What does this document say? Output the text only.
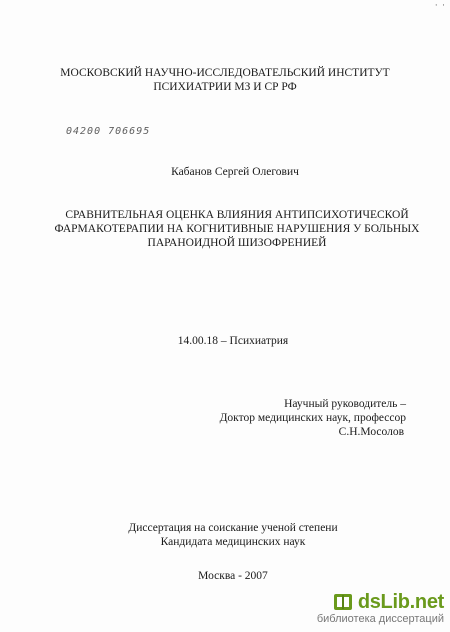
· ·
МОСКОВСКИЙ НАУЧНО-ИССЛЕДОВАТЕЛЬСКИЙ ИНСТИТУТ
ПСИХИАТРИИ МЗ И СР РФ
04200 706695
Кабанов Сергей Олегович
СРАВНИТЕЛЬНАЯ ОЦЕНКА ВЛИЯНИЯ АНТИПСИХОТИЧЕСКОЙ
ФАРМАКОТЕРАПИИ НА КОГНИТИВНЫЕ НАРУШЕНИЯ У БОЛЬНЫХ
ПАРАНОИДНОЙ ШИЗОФРЕНИЕЙ
14.00.18 – Психиатрия
Научный руководитель –
Доктор медицинских наук, профессор
С.Н.Мосолов
Диссертация на соискание ученой степени
Кандидата медицинских наук
Москва - 2007
dsLib.net
библиотека диссертаций
